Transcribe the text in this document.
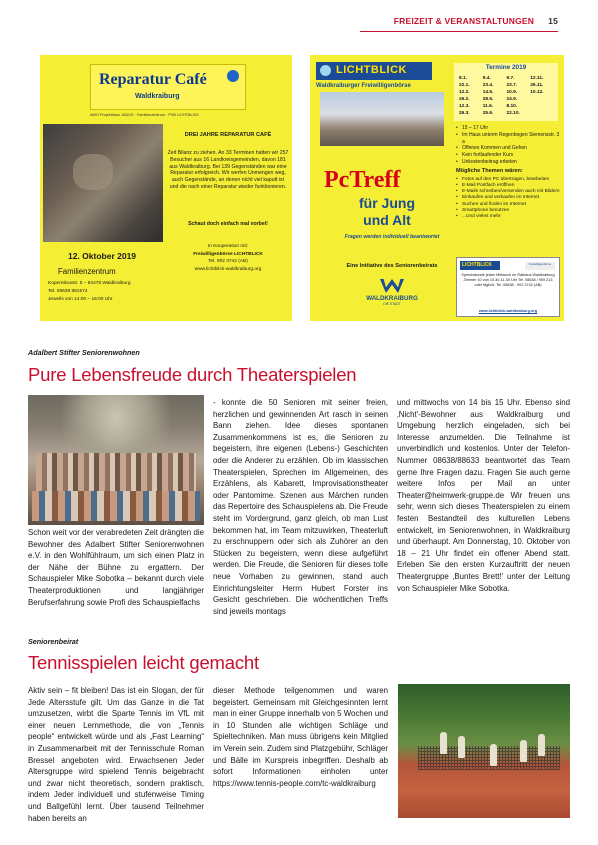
FREIZEIT & VERANSTALTUNGEN 15
Reparatur Café
Waldkraiburg
AWO Projekthaus JADUS · Familienzentrum · PVB LICHTBLICK
DREI JAHRE REPARATUR CAFÉ
Zeit Bilanz zu ziehen. An 33 Terminen hatten wir 257 Besucher aus 16 Landkreisgemeinden, davon 181 aus Waldkraiburg. Bei 139 Gegenständen war eine Reparatur erfolgreich. Wir werfen Unmengen weg, auch Gegenstände, an denen nicht viel kaputt ist und die nach einer Reparatur wieder funktionieren.
Schaut doch einfach mal vorbei!
In Kooperation mit:
Freiwilligenbörse LICHTBLICK
Tel. 902 3742 (AB)
www.lichtblick-waldkraiburg.org
12. Oktober 2019
Familienzentrum
Kopernikusstr. 5 – 84478 Waldkraiburg
Tel. 08638 881574
Jeweils von 14:00 – 16:00 Uhr
LICHTBLICK
Waldkraiburger Freiwilligenbörse
PcTreff
für Jung
und Alt
Fragen werden individuell beantwortet
Eine Initiative des Seniorenbeirats
WALDKRAIBURG
DIE STADT
Termine 2019
8.1.	9.4.	9.7.	12.11.
22.1.	23.4.	23.7.	26.11.
12.2.	14.5.	10.9.	10.12.
26.2.	28.5.	24.9.
12.3.	11.6.	8.10.
26.3.	25.6.	22.10.
• 15 – 17 Uhr
• Im Haus unterm Regenbogen Siemensstr. 3 a
• Offenes Kommen und Gehen
• Kein fortlaufender Kurs
• Unkostenbeitrag erbeten
Mögliche Themen wären:
• Fotos auf den PC übertragen, bearbeiten
• E-Mail Postfach eröffnen
• E-Mails schreiben/versenden auch mit Bildern
• Einkaufen und verkaufen im Internet
• Suchen und finden im Internet
• Smartphone benutzen
• ...Und vieles mehr
LICHTBLICK	Freiwilligenbörse
Sprechstunde jeden Mittwoch im Rathaus Waldkraiburg Zimmer 10 von 10.30-11.30 Uhr Tel. 08638 / 959 213 oder täglich: Tel. 08638 - 902 3742 (AB)
www.lichtblick-waldkraiburg.org
Adalbert Stifter Seniorenwohnen
Pure Lebensfreude durch Theaterspielen
Schon weit vor der verabredeten Zeit drängten die Bewohner des Adalbert Stifter Seniorenwohnen e.V. in den Wohlfühlraum, um sich einen Platz in der Nähe der Bühne zu ergattern. Der Schauspieler Mike Sobotka – bekannt durch viele Theaterproduktionen und langjähriger Berufserfahrung sowie Profi des Schauspielfachs
- konnte die 50 Senioren mit seiner freien, herzlichen und gewinnenden Art rasch in seinen Bann ziehen. Idee dieses spontanen Zusammenkommens ist es, die Senioren zu begeistern, ihre eigenen (Lebens-) Geschichten oder die Anderer zu erzählen. Ob im klassischen Theaterspielen, Sprechen im Allgemeinen, des Erzählens, als Kabarett, Improvisationstheater oder Pantomime. Szenen aus Märchen runden das Repertoire des Schauspielens ab. Die Freude steht im Vordergrund, ganz gleich, ob man Lust bekommen hat, im Team mitzuwirken, Theaterluft zu erschnuppern oder sich als Zuhörer an den Stücken zu begeistern, wenn diese aufgeführt werden. Die Freude, die Senioren für dieses tolle neue Vorhaben zu gewinnen, stand auch Einrichtungsleiter Herrn Hubert Forster ins Gesicht geschrieben. Die wöchentlichen Treffs sind jeweils montags
und mittwochs von 14 bis 15 Uhr. Ebenso sind ‚Nicht'-Bewohner aus Waldkraiburg und Umgebung herzlich eingeladen, sich bei Interesse anzumelden. Die Teilnahme ist unverbindlich und kostenlos. Unter der Telefon-Nummer 08638/88633 beantwortet das Team gerne Ihre Fragen dazu. Fragen Sie auch gerne weitere Infos per Mail an unter Theater@heimwerk-gruppe.de Wir freuen uns sehr, wenn sich dieses Theaterspielen zu einem festen Bestandteil des kulturellen Lebens entwickelt, im Seniorenwohnen, in Waldkraiburg und überhaupt. Am Donnerstag, 10. Oktober von 18 – 21 Uhr findet ein offener Abend statt. Erleben Sie den ersten Kurzauftritt der neuen Theatergruppe ‚Buntes Brett!' unter der Leitung von Schauspieler Mike Sobotka.
Seniorenbeirat
Tennisspielen leicht gemacht
Aktiv sein – fit bleiben! Das ist ein Slogan, der für Jede Altersstufe gilt. Um das Ganze in die Tat umzusetzen, wirbt die Sparte Tennis im VfL mit einer neuen Lernmethode, die von „Tennis people“ entwickelt würde und als „Fast Learning“ in Zusammenarbeit mit der Tennisschule Roman Bressel angeboten wird. Erwachsenen Jeder Altersgruppe wird spielend Tennis beigebracht und zwar nicht theoretisch, sondern praktisch, indem Jeder individuell und stufenweise Timing und Ballgefühl lernt. Über tausend Teilnehmer haben bereits an
dieser Methode teilgenommen und waren begeistert. Gemeinsam mit Gleichgesinnten lernt man in einer Gruppe innerhalb von 5 Wochen und in 10 Stunden alle wichtigen Schläge und Spieltechniken. Man muss übrigens kein Mitglied im Verein sein. Zudem sind Platzgebühr, Schläger und Bälle im Kurspreis inbegriffen. Deshalb ab sofort Informationen einholen unter https://www.tennis-people.com/tc-waldkraiburg
